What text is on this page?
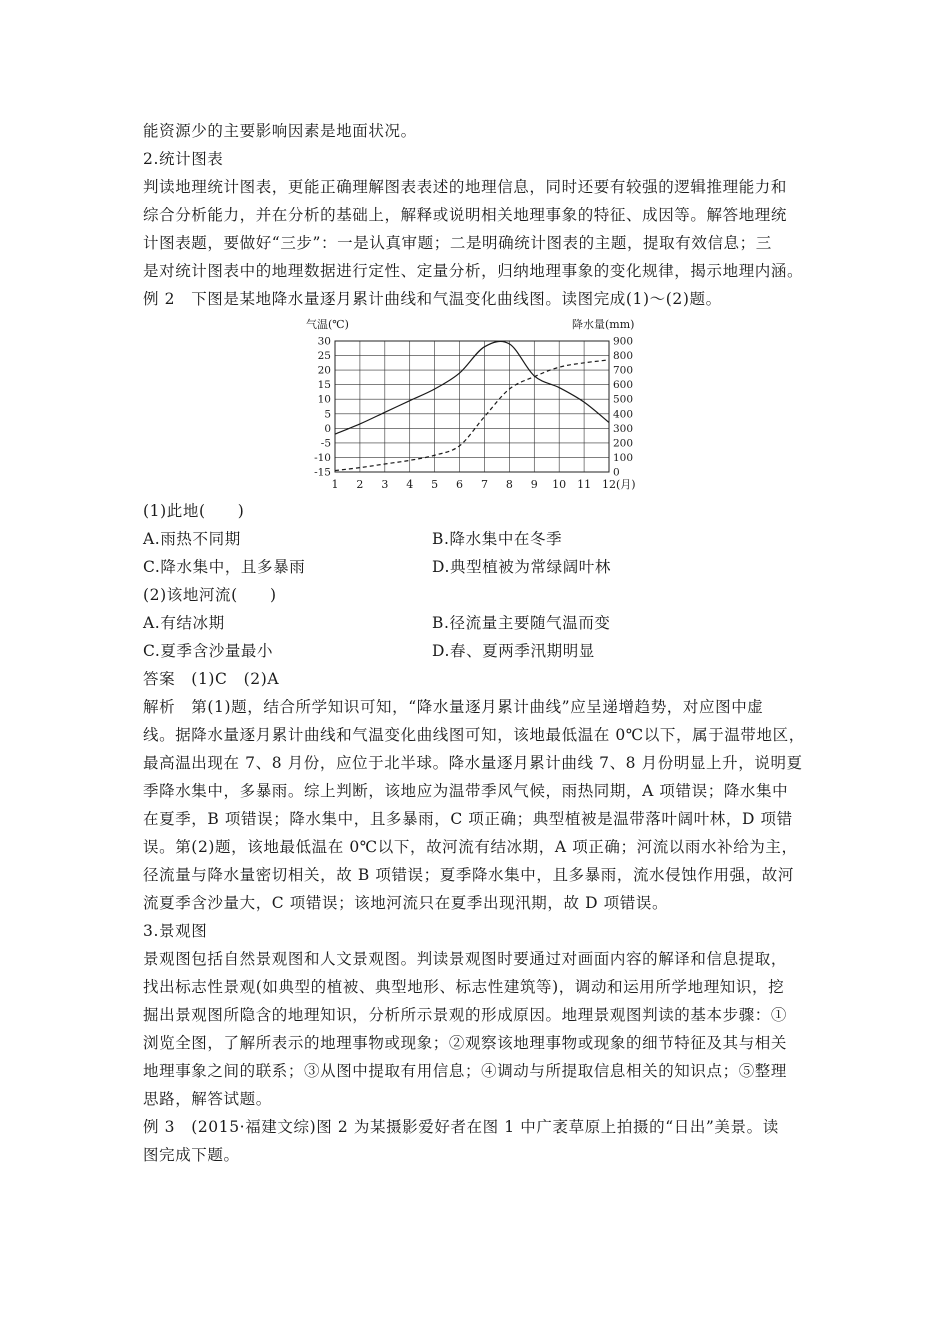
能资源少的主要影响因素是地面状况。
2.统计图表
判读地理统计图表，更能正确理解图表表述的地理信息，同时还要有较强的逻辑推理能力和
综合分析能力，并在分析的基础上，解释或说明相关地理事象的特征、成因等。解答地理统
计图表题，要做好“三步”：一是认真审题；二是明确统计图表的主题，提取有效信息；三
是对统计图表中的地理数据进行定性、定量分析，归纳地理事象的变化规律，揭示地理内涵。
例 2　下图是某地降水量逐月累计曲线和气温变化曲线图。读图完成(1)～(2)题。
30
25
20
15
10
5
0
-5
-10
-15
900
800
700
600
500
400
300
200
100
0
1 2 3 4 5 6 7 8 9 10 11 12 (月)
气温(℃)	降水量(mm)
(1)此地(　　)
A.雨热不同期	B.降水集中在冬季
C.降水集中，且多暴雨	D.典型植被为常绿阔叶林
(2)该地河流(　　)
A.有结冰期	B.径流量主要随气温而变
C.夏季含沙量最小	D.春、夏两季汛期明显
答案　(1)C　(2)A
解析　第(1)题，结合所学知识可知，“降水量逐月累计曲线”应呈递增趋势，对应图中虚
线。据降水量逐月累计曲线和气温变化曲线图可知，该地最低温在 0℃以下，属于温带地区，
最高温出现在 7、8 月份，应位于北半球。降水量逐月累计曲线 7、8 月份明显上升，说明夏
季降水集中，多暴雨。综上判断，该地应为温带季风气候，雨热同期，A 项错误；降水集中
在夏季，B 项错误；降水集中，且多暴雨，C 项正确；典型植被是温带落叶阔叶林，D 项错
误。第(2)题，该地最低温在 0℃以下，故河流有结冰期，A 项正确；河流以雨水补给为主，
径流量与降水量密切相关，故 B 项错误；夏季降水集中，且多暴雨，流水侵蚀作用强，故河
流夏季含沙量大，C 项错误；该地河流只在夏季出现汛期，故 D 项错误。
3.景观图
景观图包括自然景观图和人文景观图。判读景观图时要通过对画面内容的解译和信息提取，
找出标志性景观(如典型的植被、典型地形、标志性建筑等)，调动和运用所学地理知识，挖
掘出景观图所隐含的地理知识，分析所示景观的形成原因。地理景观图判读的基本步骤：①
浏览全图，了解所表示的地理事物或现象；②观察该地理事物或现象的细节特征及其与相关
地理事象之间的联系；③从图中提取有用信息；④调动与所提取信息相关的知识点；⑤整理
思路，解答试题。
例 3　(2015·福建文综)图 2 为某摄影爱好者在图 1 中广袤草原上拍摄的“日出”美景。读
图完成下题。
